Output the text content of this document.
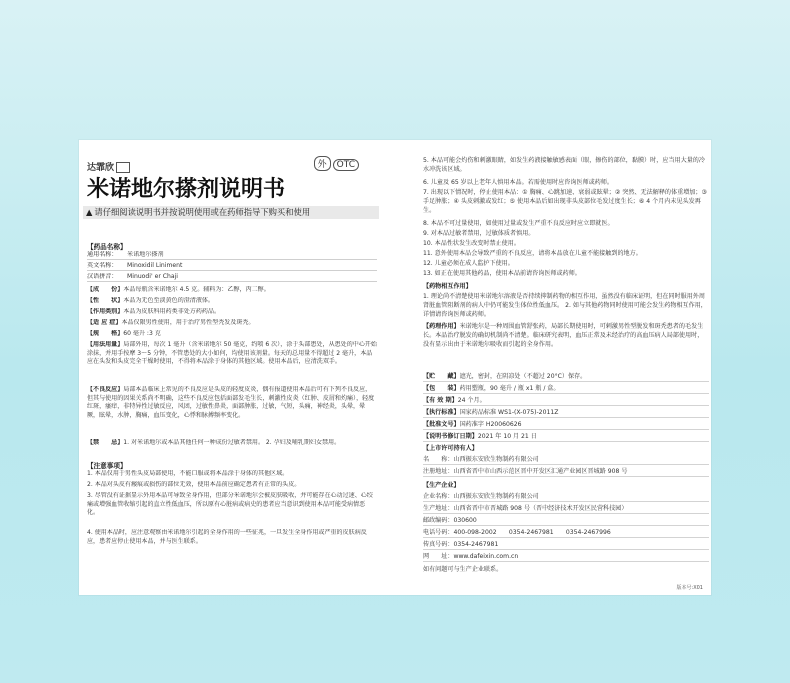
达霏欣	外 OTC
米诺地尔搽剂说明书
▲ 请仔细阅读说明书并按说明使用或在药师指导下购买和使用
【药品名称】
通用名称： 米诺地尔搽剂
英文名称： Minoxidil Liniment
汉语拼音： Minuodi' er Chaji
【成　　份】本品每瓶含米诺地尔 4.5 克。辅料为：乙醇，丙二醇。
【性　　状】本品为无色至淡黄色的澄清液体。
【作用类别】本品为皮肤科用药类非处方药药品。
【适 应 症】本品仅限男性使用，用于治疗男性型秃发及斑秃。
【规　　格】60 毫升 :3 克
【用法用量】局部外用，每次 1 毫升（含米诺地尔 50 毫克，约喷 6 次），涂于头部患处，从患处的中心开始涂抹，并用手按摩 3～5 分钟，不管患处的大小如何，均使用该剂量。每天的总用量不得超过 2 毫升，本品应在头发和头皮完全干燥时使用，不得将本品涂于身体的其他区域。使用本品后，应清洗双手。
【不良反应】局部本品临床上常见的不良反应是头皮的轻度皮炎，偶有报道使用本品后可有下列不良反应，但其与使用的因果关系尚不明确，这些不良反应包括面部发毛生长，刺激性皮炎（红肿、皮屑和灼痛），轻度红斑，瘙痒，非特异性过敏反应，风团，过敏性鼻炎，面部肿胀，过敏，气短，头痛，神经炎，头晕，晕厥，眩晕，水肿，胸痛，血压变化，心悸和脉搏频率变化。
【禁　　忌】1. 对米诺地尔或本品其他任何一种成份过敏者禁用。 2. 孕妇及哺乳期妇女禁用。
【注意事项】
1. 本品仅用于男性头皮局部使用，不能口服或将本品涂于身体的其他区域。
2. 本品对头皮有瘢痕或损伤的部位无效，使用本品前应确定患者有正常的头皮。
3. 尽管没有证据显示外用本品可导致全身作用，但部分米诺地尔会被皮肤吸收，并可能存在心动过速、心绞痛或增强血管收缩引起的直立性低血压，所以原有心脏病或病史的患者应当意识到使用本品可能受病情恶化。
4. 使用本品时，应注意观察由米诺地尔引起的全身作用的一些征兆，一旦发生全身作用或严重的皮肤病反应，患者应停止使用本品，并与医生联系。
5. 本品可能会灼伤和刺激眼睛，如发生药液接触敏感表面（眼，擦伤的部位，黏膜）时，应当用大量的冷水冲洗该区域。
6. 儿童及 65 岁以上老年人慎用本品。若需使用时应咨询医师或药师。
7. 出现以下情况时，停止使用本品：① 胸痛、心跳加速、衰弱或眩晕；② 突然、无法解释的体重增加；③ 手足肿胀；④ 头皮刺激或发红；⑤ 使用本品后如出现非头皮部位毛发过度生长；⑥ 4 个月内未见头发再生。
8. 本品不可过量使用，如使用过量或发生严重不良反应时应立即就医。
9. 对本品过敏者禁用，过敏体质者慎用。
10. 本品性状发生改变时禁止使用。
11. 意外使用本品会导致严重的不良反应，请将本品放在儿童不能接触到的地方。
12. 儿童必须在成人监护下使用。
13. 如正在使用其他药品，使用本品前请咨询医师或药师。
【药物相互作用】
1. 理论尚不清楚使用米诺地尔溶液是否持续抑制药物的相互作用，虽然没有临床证明，但在同时服用外周肾脏血管阻断剂的病人中仍可能发生体位性低血压。 2. 如与其他药物同时使用可能会发生药物相互作用，详情请咨询医师或药师。
【药理作用】米诺地尔是一种周围血管舒张药，局部长期使用时，可刺激男性型脱发和斑秃患者的毛发生长。本品治疗脱发的确切机制尚不清楚。临床研究表明，血压正常及未经治疗的高血压病人局部使用时，没有显示出由于米诺地尔吸收而引起的全身作用。
【贮　　藏】遮光，密封，在阴凉处（不超过 20°C）保存。
【包　　装】药用塑瓶，90 毫升 / 瓶 x1 瓶 / 盒。
【有 效 期】24 个月。
【执行标准】国家药品标准 WS1-(X-075)-2011Z
【批准文号】国药准字 H20060626
【说明书修订日期】2021 年 10 月 21 日
【上市许可持有人】
名　　称：山西振东安欣生物制药有限公司
注册地址：山西省晋中市山西示范区晋中开发区汇通产业园区晋城路 908 号
【生产企业】
企业名称：山西振东安欣生物制药有限公司
生产地址：山西省晋中市晋城路 908 号（晋中经济技术开发区民营科技园）
邮政编码：030600
电话号码：400-098-2002　　0354-2467981　　0354-2467996
传真号码：0354-2467981
网　　址：www.dafeixin.com.cn
如有问题可与生产企业联系。
版本号:X01
